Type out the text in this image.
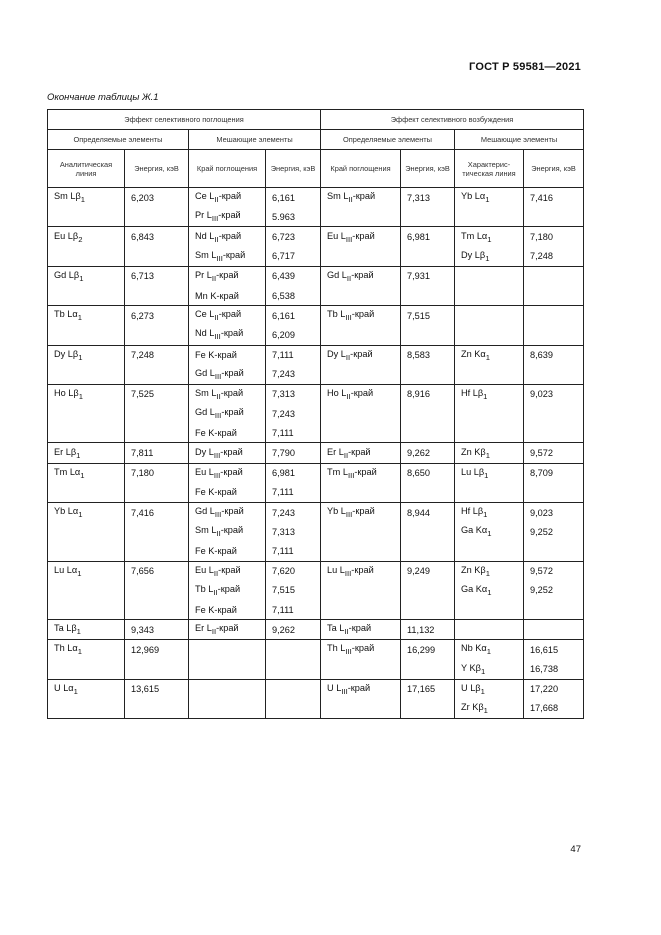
ГОСТ Р 59581—2021
Окончание таблицы Ж.1
Эффект селективного поглощения				Эффект селективного возбуждения			
Определяемые элементы		Мешающие элементы		Определяемые элементы		Мешающие элементы	
Аналитическая линия	Энергия, кэВ	Край поглощения	Энергия, кэВ	Край поглощения	Энергия, кэВ	Характерис-тическая линия	Энергия, кэВ
Sm $L\beta_1$	6,203	Ce $L_{II}$-край	6,161	Sm $L_{II}$-край	7,313	Yb $L\alpha_1$	7,416
		Pr $L_{III}$-край	5.963				
Eu $L\beta_2$	6,843	Nd $L_{II}$-край	6,723	Eu $L_{III}$-край	6,981	Tm $L\alpha_1$	7,180
		Sm $L_{III}$-край	6,717			Dy $L\beta_1$	7,248
Gd $L\beta_1$	6,713	Pr $L_{II}$-край	6,439	Gd $L_{II}$-край	7,931		
		Mn K-край	6,538				
Tb $L\alpha_1$	6,273	Ce $L_{II}$-край	6,161	Tb $L_{III}$-край	7,515		
		Nd $L_{III}$-край	6,209				
Dy $L\beta_1$	7,248	Fe K-край	7,111	Dy $L_{II}$-край	8,583	Zn $K\alpha_1$	8,639
		Gd $L_{III}$-край	7,243				
Ho $L\beta_1$	7,525	Sm $L_{II}$-край	7,313	Ho $L_{II}$-край	8,916	Hf $L\beta_1$	9,023
		Gd $L_{III}$-край	7,243				
		Fe K-край	7,111				
Er $L\beta_1$	7,811	Dy $L_{III}$-край	7,790	Er $L_{II}$-край	9,262	Zn $K\beta_1$	9,572
Tm $L\alpha_1$	7,180	Eu $L_{III}$-край	6,981	Tm $L_{III}$-край	8,650	Lu $L\beta_1$	8,709
		Fe K-край	7,111				
Yb $L\alpha_1$	7,416	Gd $L_{III}$-край	7,243	Yb $L_{III}$-край	8,944	Hf $L\beta_1$	9,023
		Sm $L_{II}$-край	7,313			Ga $K\alpha_1$	9,252
		Fe K-край	7,111				
Lu $L\alpha_1$	7,656	Eu $L_{II}$-край	7,620	Lu $L_{III}$-край	9,249	Zn $K\beta_1$	9,572
		Tb $L_{II}$-край	7,515			Ga $K\alpha_1$	9,252
		Fe K-край	7,111				
Ta $L\beta_1$	9,343	Er $L_{II}$-край	9,262	Ta $L_{II}$-край	11,132		
Th $L\alpha_1$	12,969			Th $L_{III}$-край	16,299	Nb $K\alpha_1$	16,615
						Y $K\beta_1$	16,738
U $L\alpha_1$	13,615			U $L_{III}$-край	17,165	U $L\beta_1$	17,220
						Zr $K\beta_1$	17,668
47
